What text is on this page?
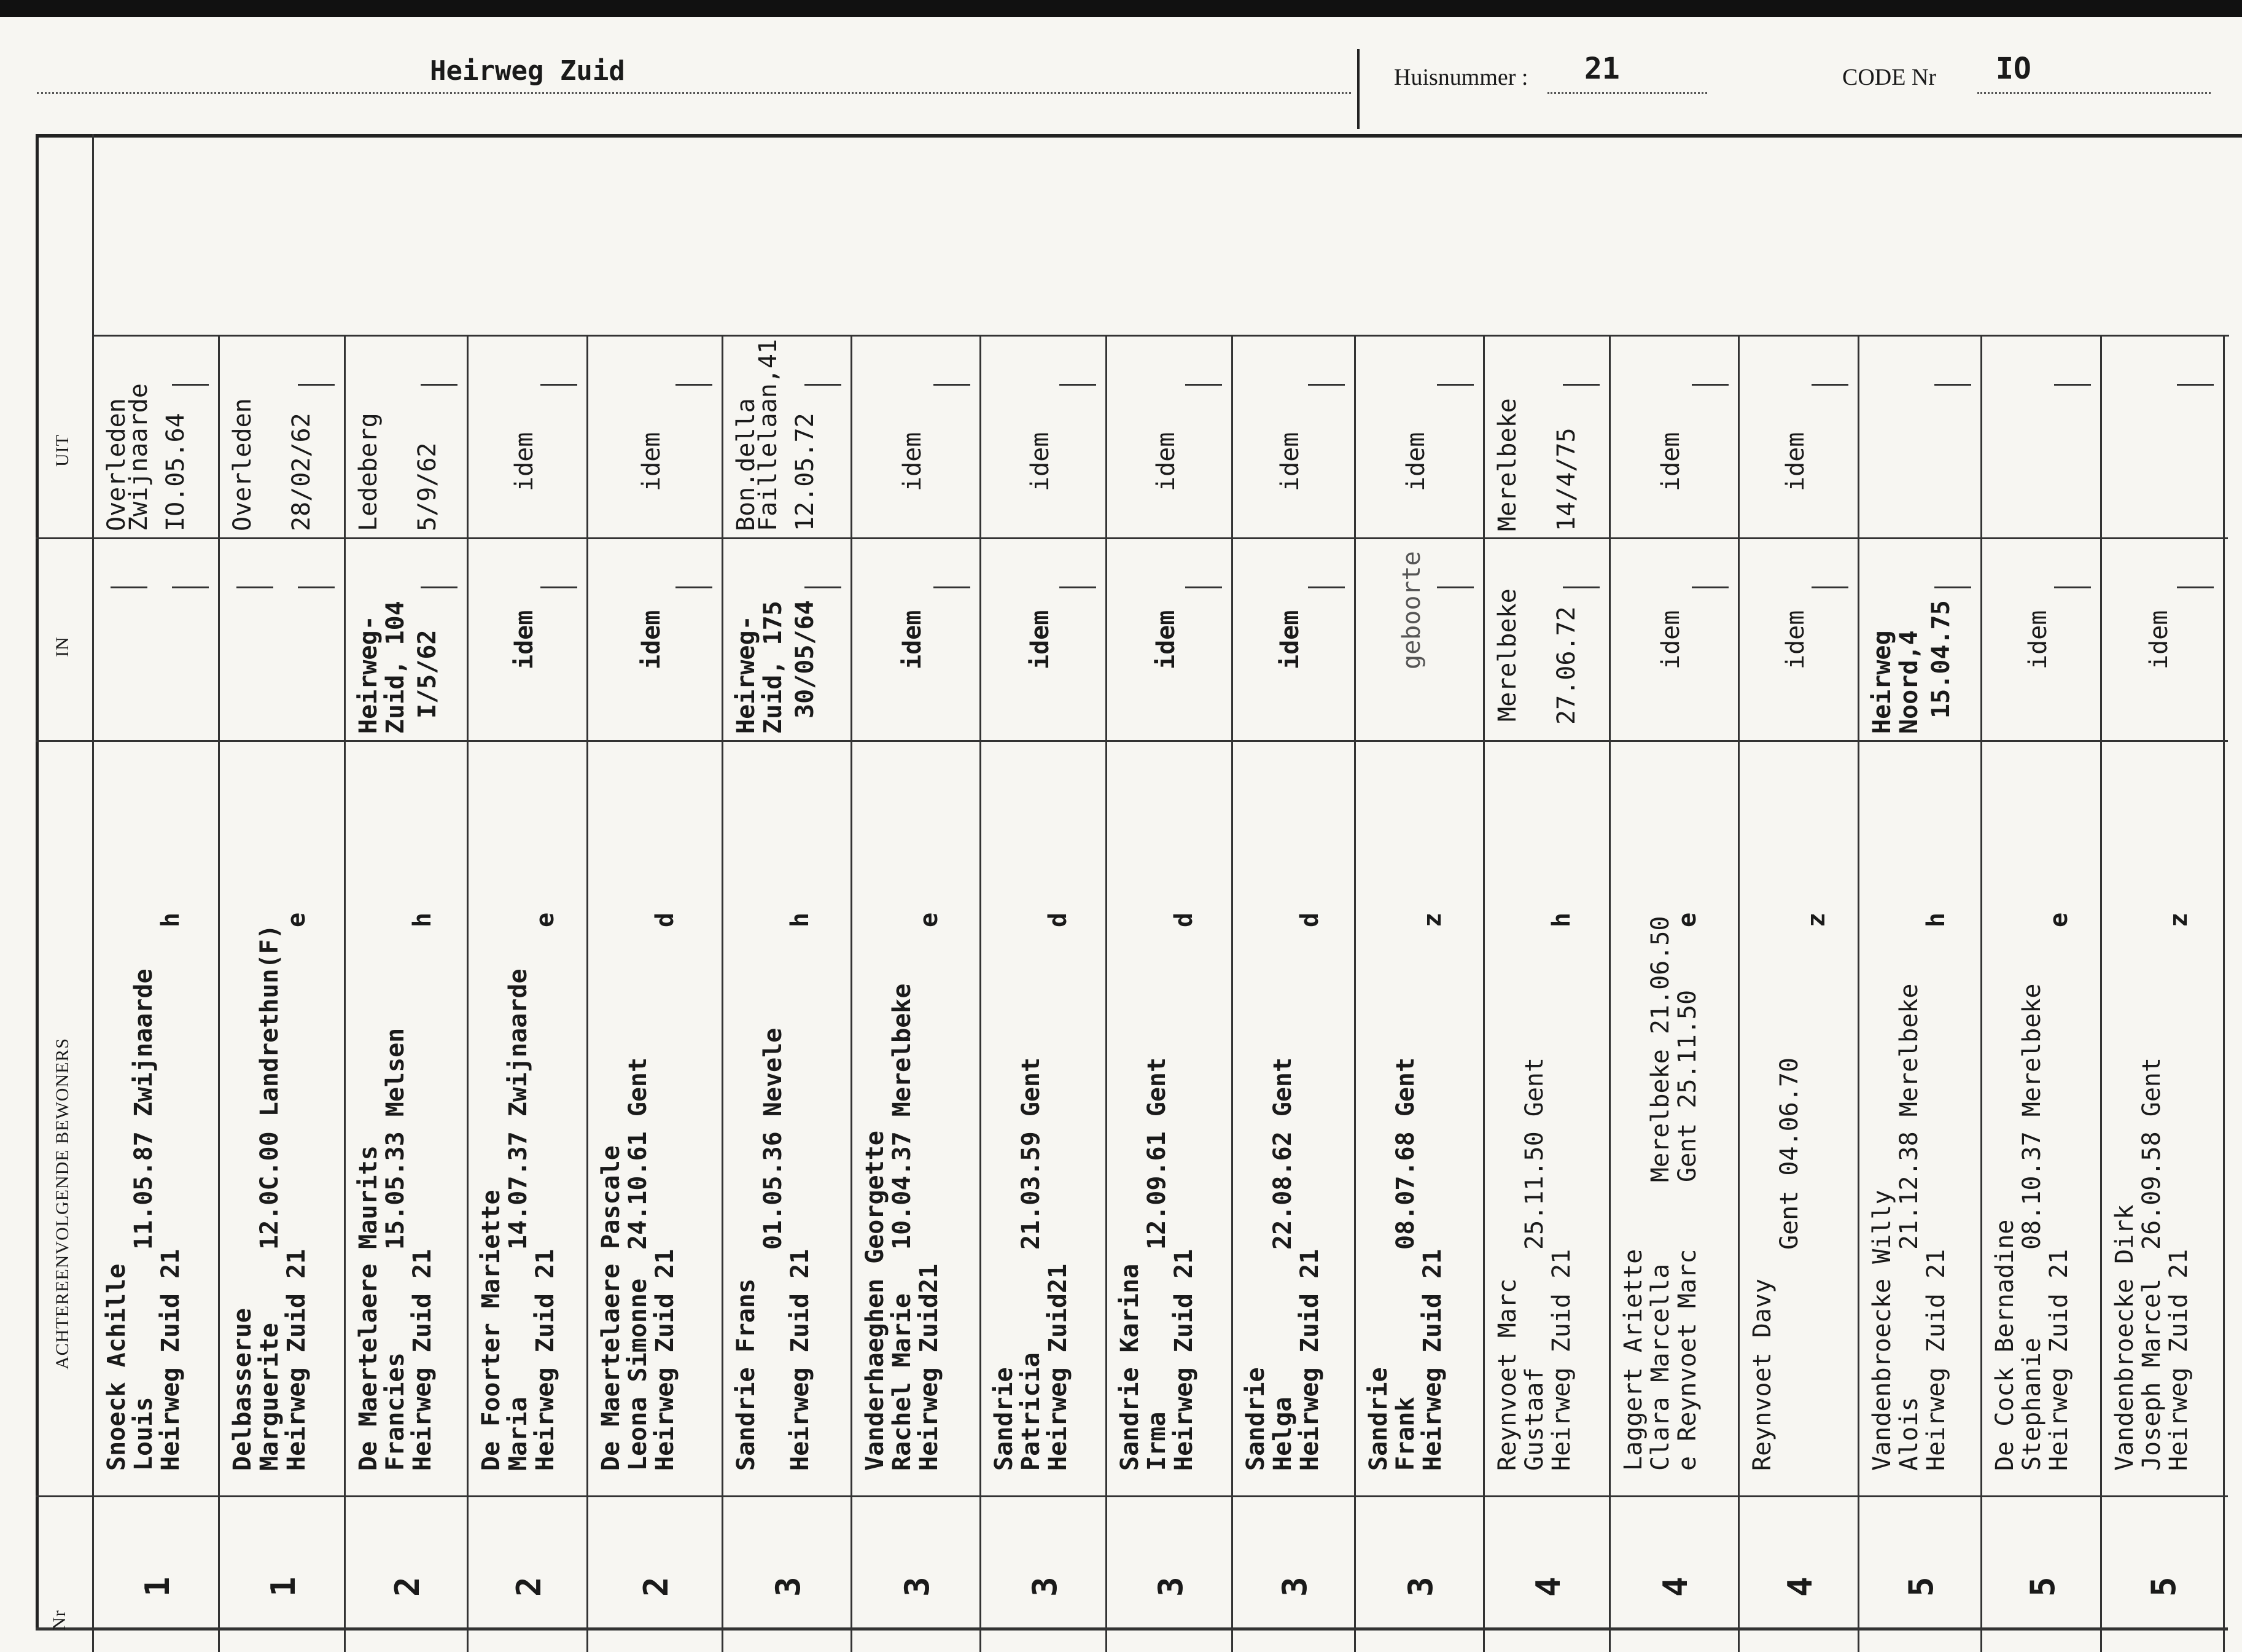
Heirweg Zuid	Huisnummer : 21	CODE Nr IO
Nr
ACHTEREENVOLGENDE BEWONERS
IN
UIT
1
Snoeck Achille
Louis
Heirweg Zuid 21
11.05.87 Zwijnaarde
h
Overleden
Zwijnaarde IO.05.64
1
Delbasserue
Marguerite
Heirweg Zuid 21
12.0C.00 Landrethun(F)
e
Overleden 28/02/62
2
De Maertelaere Maurits
Francies
Heirweg Zuid 21
15.05.33 Melsen
h
Heirweg-
Zuid, 104 I/5/62
Ledeberg 5/9/62
2
De Foorter Mariette
Maria
Heirweg Zuid 21
14.07.37 Zwijnaarde
e
idem
idem
2
De Maertelaere Pascale
Leona Simonne
Heirweg Zuid 21
24.10.61 Gent
d
idem
idem
3
Sandrie Frans Heirweg Zuid 21
01.05.36 Nevele
h
Heirweg-
Zuid, 175 30/05/64
Bon.della
Faillelaan,41 12.05.72
3
Vanderhaeghen Georgette
Rachel Marie
Heirweg Zuid21
10.04.37 Merelbeke
e
idem
idem
3
Sandrie
Patricia
Heirweg Zuid21
21.03.59 Gent
d
idem
idem
3
Sandrie Karina
Irma
Heirweg Zuid 21
12.09.61 Gent
d
idem
idem
3
Sandrie
Helga
Heirweg Zuid 21
22.08.62 Gent
d
idem
idem
3
Sandrie
Frank
Heirweg Zuid 21
08.07.68 Gent
z
geboorte
idem
4
Reynvoet Marc
Gustaaf
Heirweg Zuid 21
25.11.50 Gent
h
Merelbeke 27.06.72
Merelbeke 14/4/75
4
Laggert Ariette
Clara Marcella
e Reynvoet Marc
Merelbeke 21.06.50
Gent 25.11.50
e
idem
idem
4
Reynvoet Davy
Gent 04.06.70
z
idem
idem
5
Vandenbroecke Willy
Alois
Heirweg Zuid 21
21.12.38 Merelbeke
h
Heirweg
Noord,4 15.04.75
5
De Cock Bernadine
Stephanie
Heirweg Zuid 21
08.10.37 Merelbeke
e
idem
5
Vandenbroecke Dirk
Joseph Marcel
Heirweg Zuid 21
26.09.58 Gent
z
idem
